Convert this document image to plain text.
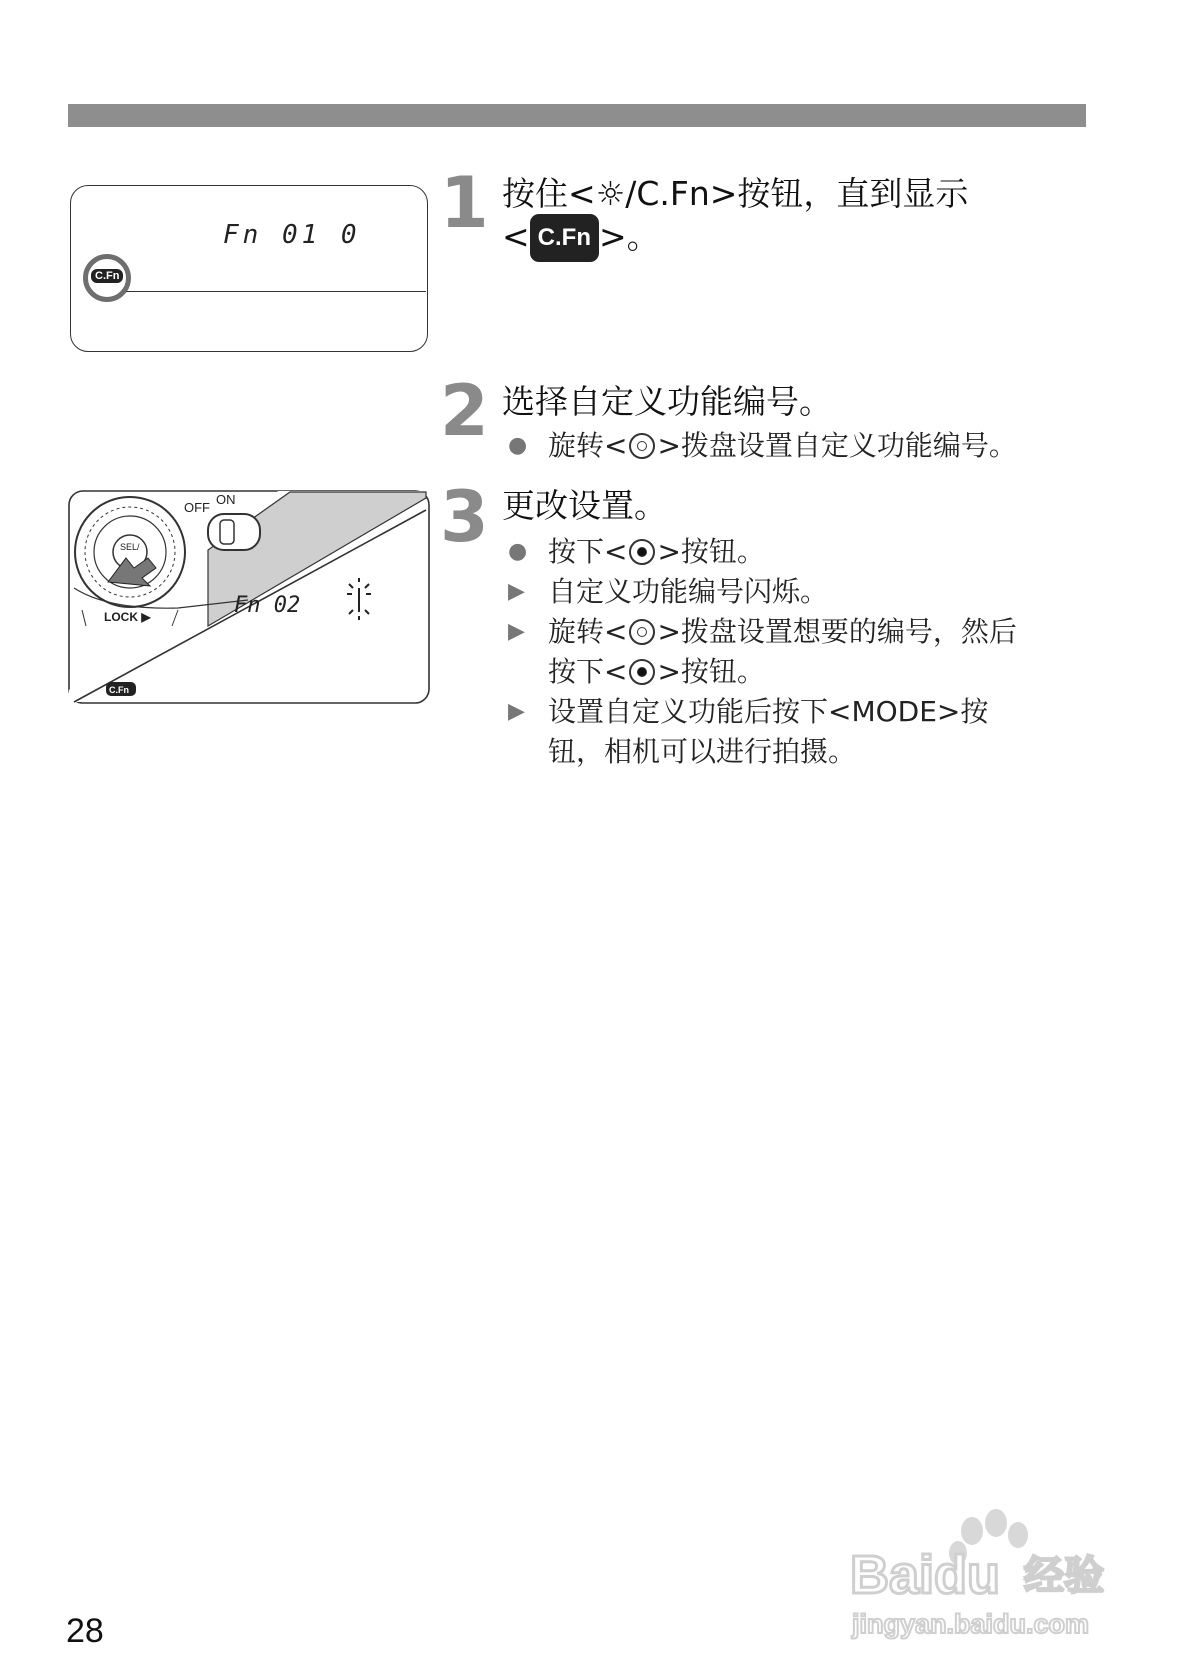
Fn 01 0
C.Fn
SEL/
OFF
ON
LOCK ▶	Fn 02
C.Fn
1 按住<☼/C.Fn>按钮，直到显示
< C.Fn >。
2 选择自定义功能编号。
● 旋转< >拨盘设置自定义功能编号。
3 更改设置。
● 按下< >按钮。
▶ 自定义功能编号闪烁。
▶ 旋转< >拨盘设置想要的编号，然后
按下< >按钮。
▶ 设置自定义功能后按下<MODE>按
钮，相机可以进行拍摄。
Baidu 经验
jingyan.baidu.com
28
